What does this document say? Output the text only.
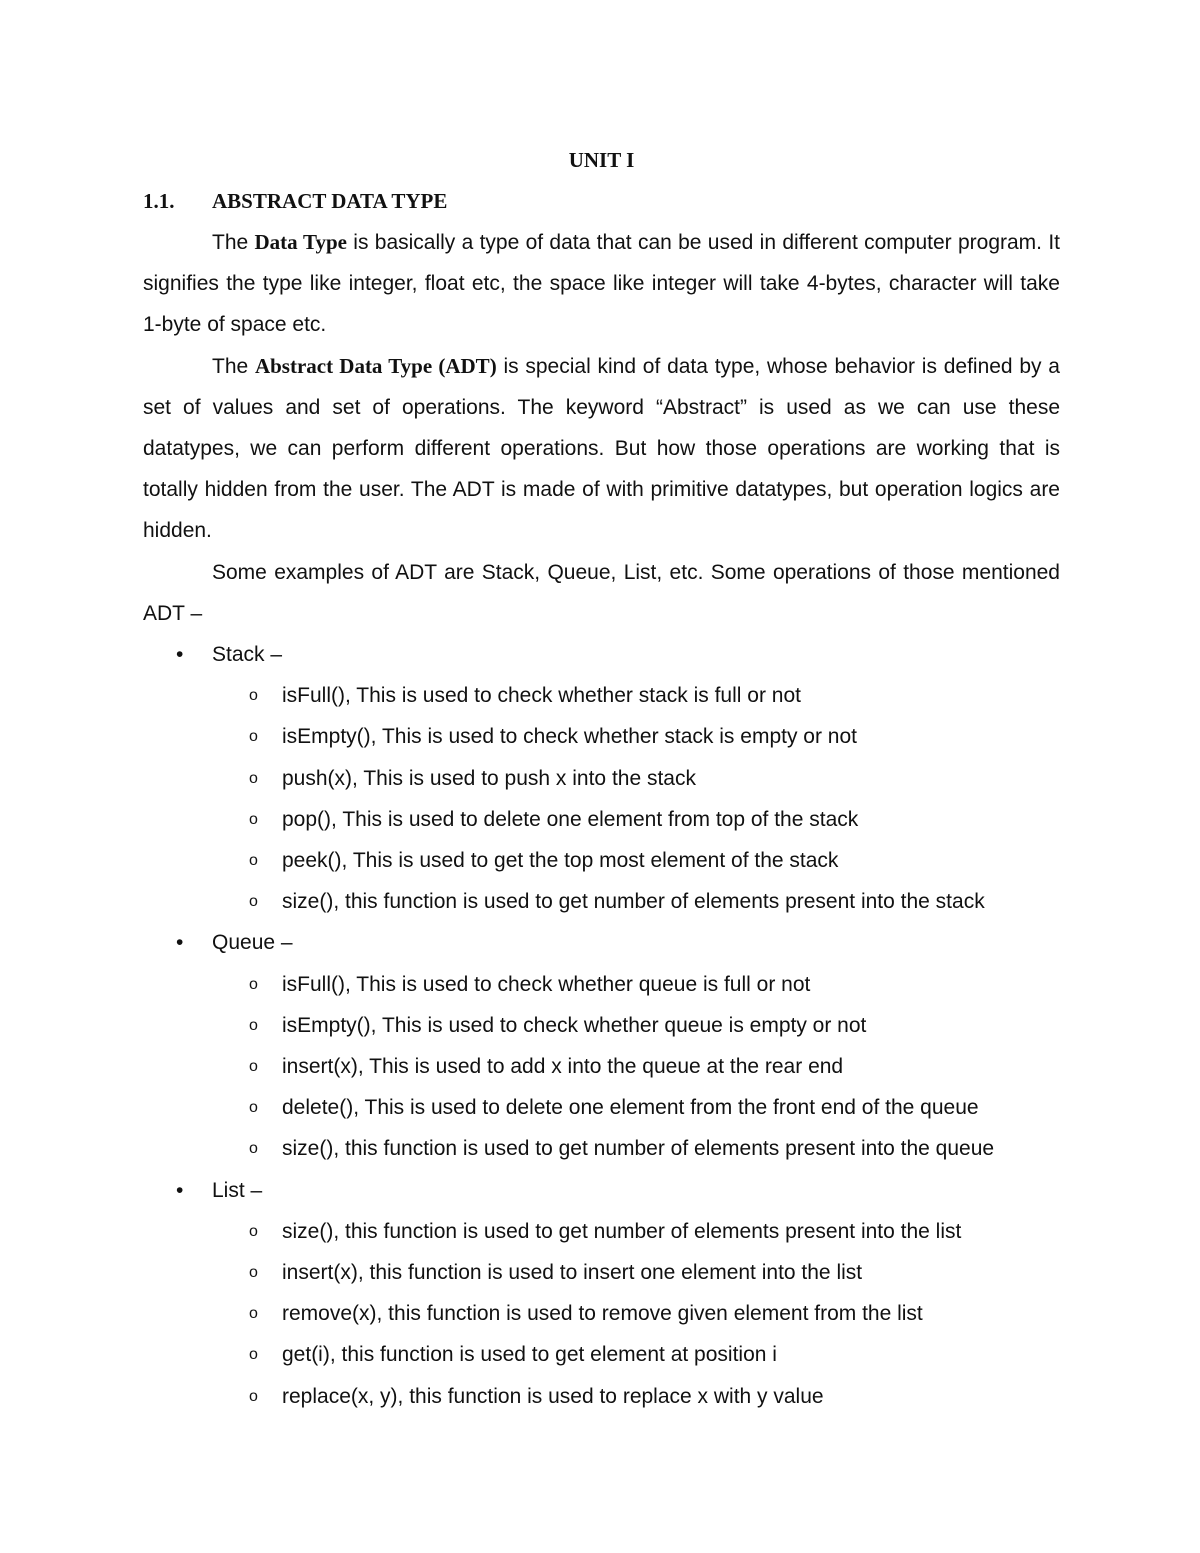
UNIT I
1.1.	ABSTRACT DATA TYPE

The Data Type is basically a type of data that can be used in different computer program. It signifies the type like integer, float etc, the space like integer will take 4-bytes, character will take 1-byte of space etc.

The Abstract Data Type (ADT) is special kind of data type, whose behavior is defined by a set of values and set of operations. The keyword “Abstract” is used as we can use these datatypes, we can perform different operations. But how those operations are working that is totally hidden from the user. The ADT is made of with primitive datatypes, but operation logics are hidden.

Some examples of ADT are Stack, Queue, List, etc. Some operations of those mentioned ADT –

• Stack –
o isFull(), This is used to check whether stack is full or not
o isEmpty(), This is used to check whether stack is empty or not
o push(x), This is used to push x into the stack
o pop(), This is used to delete one element from top of the stack
o peek(), This is used to get the top most element of the stack
o size(), this function is used to get number of elements present into the stack
• Queue –
o isFull(), This is used to check whether queue is full or not
o isEmpty(), This is used to check whether queue is empty or not
o insert(x), This is used to add x into the queue at the rear end
o delete(), This is used to delete one element from the front end of the queue
o size(), this function is used to get number of elements present into the queue
• List –
o size(), this function is used to get number of elements present into the list
o insert(x), this function is used to insert one element into the list
o remove(x), this function is used to remove given element from the list
o get(i), this function is used to get element at position i
o replace(x, y), this function is used to replace x with y value
